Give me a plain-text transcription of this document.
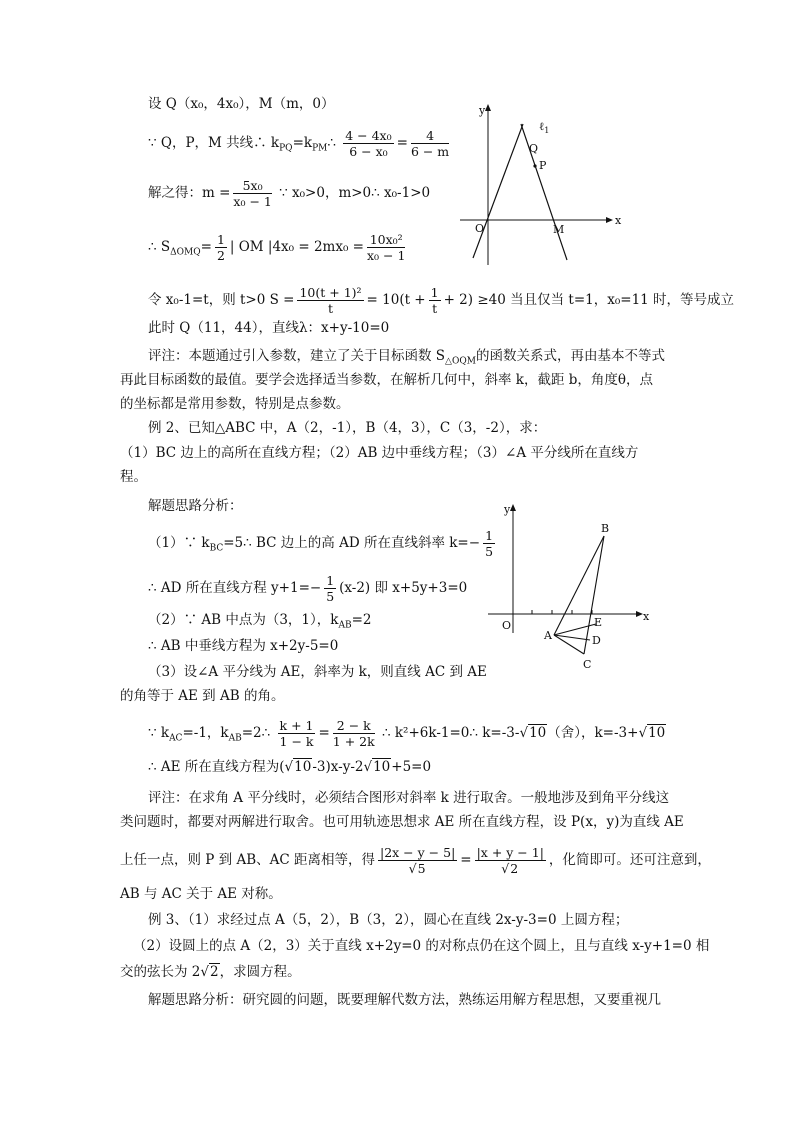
设 Q（x₀，4x₀），M（m，0）
∵ Q，P，M 共线∴ $k_{PQ}=k_{PM}\therefore \frac{\text{4 − 4x₀}}{\text{6 − x₀}} = \frac{4}{6 - m}$
解之得：$m = \frac{\text{5x₀}}{\text{x₀ − 1}}$ ∵ x₀>0，m>0∴ x₀-1>0
∴ $S_{\Delta OMQ}= \frac{1}{2}$ | OM $|4x_0 = 2mx_0 = \frac{\text{10x₀²}}{\text{x₀ − 1}}$
令 x₀-1=t，则 t>0 $S = \frac{\text{10(t + 1)²}}{t} = 10(t + \frac{1}{t} + 2) \ge 40$ 当且仅当 t=1，x₀=11 时，等号成立
此时 Q（11，44），直线λ：x+y-10=0
评注：本题通过引入参数，建立了关于目标函数 $S_{\triangle OQM}$的函数关系式，再由基本不等式
再此目标函数的最值。要学会选择适当参数，在解析几何中，斜率 k，截距 b，角度θ，点
的坐标都是常用参数，特别是点参数。
例 2、已知△ABC 中，A（2，-1），B（4，3），C（3，-2），求：
（1）BC 边上的高所在直线方程；（2）AB 边中垂线方程；（3）∠A 平分线所在直线方
程。
解题思路分析：
（1）∵ $k_{BC}=5\therefore$ BC 边上的高 AD 所在直线斜率 $k=- \frac{1}{5}$
∴ AD 所在直线方程 $y+1=- \frac{1}{5} (x-2)$ 即 x+5y+3=0
（2）∵ AB 中点为（3，1），$k_{AB}=2$
∴ AB 中垂线方程为 x+2y-5=0
（3）设∠A 平分线为 AE，斜率为 k，则直线 AC 到 AE
的角等于 AE 到 AB 的角。
∵ $k_{AC}=-1$，$k_{AB}=2\therefore \frac{k + 1}{1 - k} = \frac{2 - k}{1 + 2k}$ ∴ k²+6k-1=0∴ k=-3-√10（舍），k=-3+√10
∴ AE 所在直线方程为(√10-3)x-y-2√10+5=0
评注：在求角 A 平分线时，必须结合图形对斜率 k 进行取舍。一般地涉及到角平分线这
类问题时，都要对两解进行取舍。也可用轨迹思想求 AE 所在直线方程，设 P(x，y)为直线 AE
上任一点，则 P 到 AB、AC 距离相等，得 $\frac{|2x - y - 5|}{√5} = \frac{|x + y - 1|}{√2}$ ，化简即可。还可注意到，
AB 与 AC 关于 AE 对称。
例 3、（1）求经过点 A（5，2），B（3，2），圆心在直线 2x-y-3=0 上圆方程；
（2）设圆上的点 A（2，3）关于直线 x+2y=0 的对称点仍在这个圆上，且与直线 x-y+1=0 相
交的弦长为 2√2，求圆方程。
解题思路分析：研究圆的问题，既要理解代数方法，熟练运用解方程思想，又要重视几
y
x
O
ℓ$_1$
Q
P
M
y
x
O
A
B
C
D
E
